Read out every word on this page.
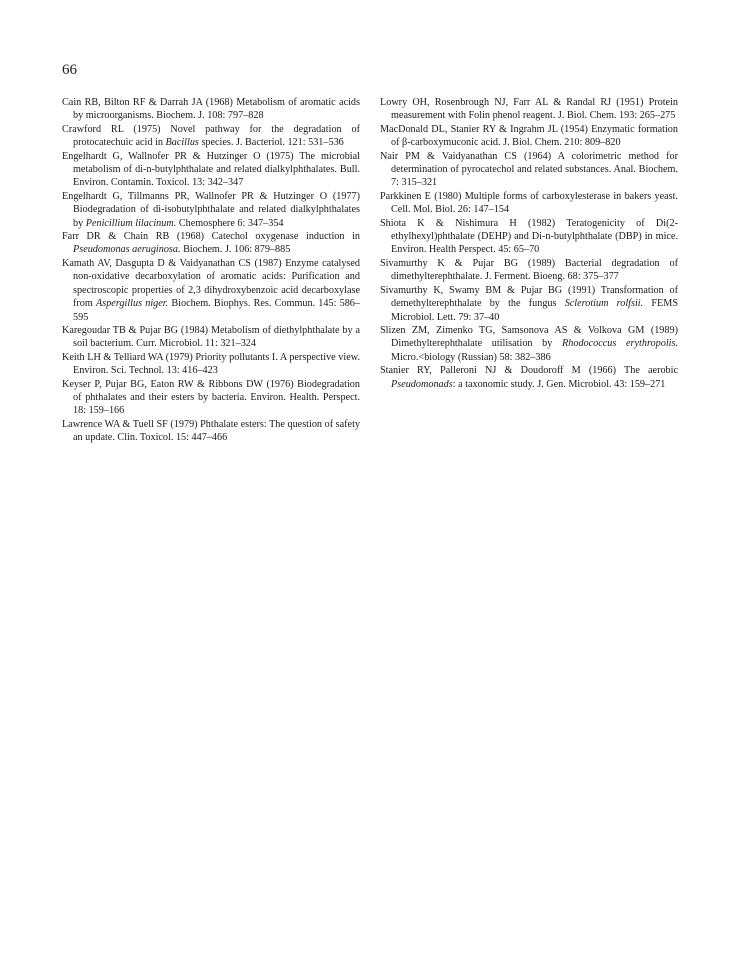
66

Cain RB, Bilton RF & Darrah JA (1968) Metabolism of aromatic acids by microorganisms. Biochem. J. 108: 797–828

Crawford RL (1975) Novel pathway for the degradation of protocatechuic acid in Bacillus species. J. Bacteriol. 121: 531–536

Engelhardt G, Wallnofer PR & Hutzinger O (1975) The microbial metabolism of di-n-butylphthalate and related dialkylphthalates. Bull. Environ. Contamin. Toxicol. 13: 342–347

Engelhardt G, Tillmanns PR, Wallnofer PR & Hutzinger O (1977) Biodegradation of di-isobutylphthalate and related dialkylphthalates by Penicillium lilacinum. Chemosphere 6: 347–354

Farr DR & Chain RB (1968) Catechol oxygenase induction in Pseudomonas aeruginosa. Biochem. J. 106: 879–885

Kamath AV, Dasgupta D & Vaidyanathan CS (1987) Enzyme catalysed non-oxidative decarboxylation of aromatic acids: Purification and spectroscopic properties of 2,3 dihydroxybenzoic acid decarboxylase from Aspergillus niger. Biochem. Biophys. Res. Commun. 145: 586–595

Karegoudar TB & Pujar BG (1984) Metabolism of diethylphthalate by a soil bacterium. Curr. Microbiol. 11: 321–324

Keith LH & Telliard WA (1979) Priority pollutants I. A perspective view. Environ. Sci. Technol. 13: 416–423

Keyser P, Pujar BG, Eaton RW & Ribbons DW (1976) Biodegradation of phthalates and their esters by bacteria. Environ. Health. Perspect. 18: 159–166

Lawrence WA & Tuell SF (1979) Phthalate esters: The question of safety an update. Clin. Toxicol. 15: 447–466

Lowry OH, Rosenbrough NJ, Farr AL & Randal RJ (1951) Protein measurement with Folin phenol reagent. J. Biol. Chem. 193: 265–275

MacDonald DL, Stanier RY & Ingrahm JL (1954) Enzymatic formation of β-carboxymuconic acid. J. Biol. Chem. 210: 809–820

Nair PM & Vaidyanathan CS (1964) A colorimetric method for determination of pyrocatechol and related substances. Anal. Biochem. 7: 315–321

Parkkinen E (1980) Multiple forms of carboxylesterase in bakers yeast. Cell. Mol. Biol. 26: 147–154

Shiota K & Nishimura H (1982) Teratogenicity of Di(2-ethylhexyl)phthalate (DEHP) and Di-n-butylphthalate (DBP) in mice. Environ. Health Perspect. 45: 65–70

Sivamurthy K & Pujar BG (1989) Bacterial degradation of dimethylterephthalate. J. Ferment. Bioeng. 68: 375–377

Sivamurthy K, Swamy BM & Pujar BG (1991) Transformation of demethylterephthalate by the fungus Sclerotium rolfsii. FEMS Microbiol. Lett. 79: 37–40

Slizen ZM, Zimenko TG, Samsonova AS & Volkova GM (1989) Dimethylterephthalate utilisation by Rhodococcus erythropolis. Micro.<biology (Russian) 58: 382–386

Stanier RY, Palleroni NJ & Doudoroff M (1966) The aerobic Pseudomonads: a taxonomic study. J. Gen. Microbiol. 43: 159–271
